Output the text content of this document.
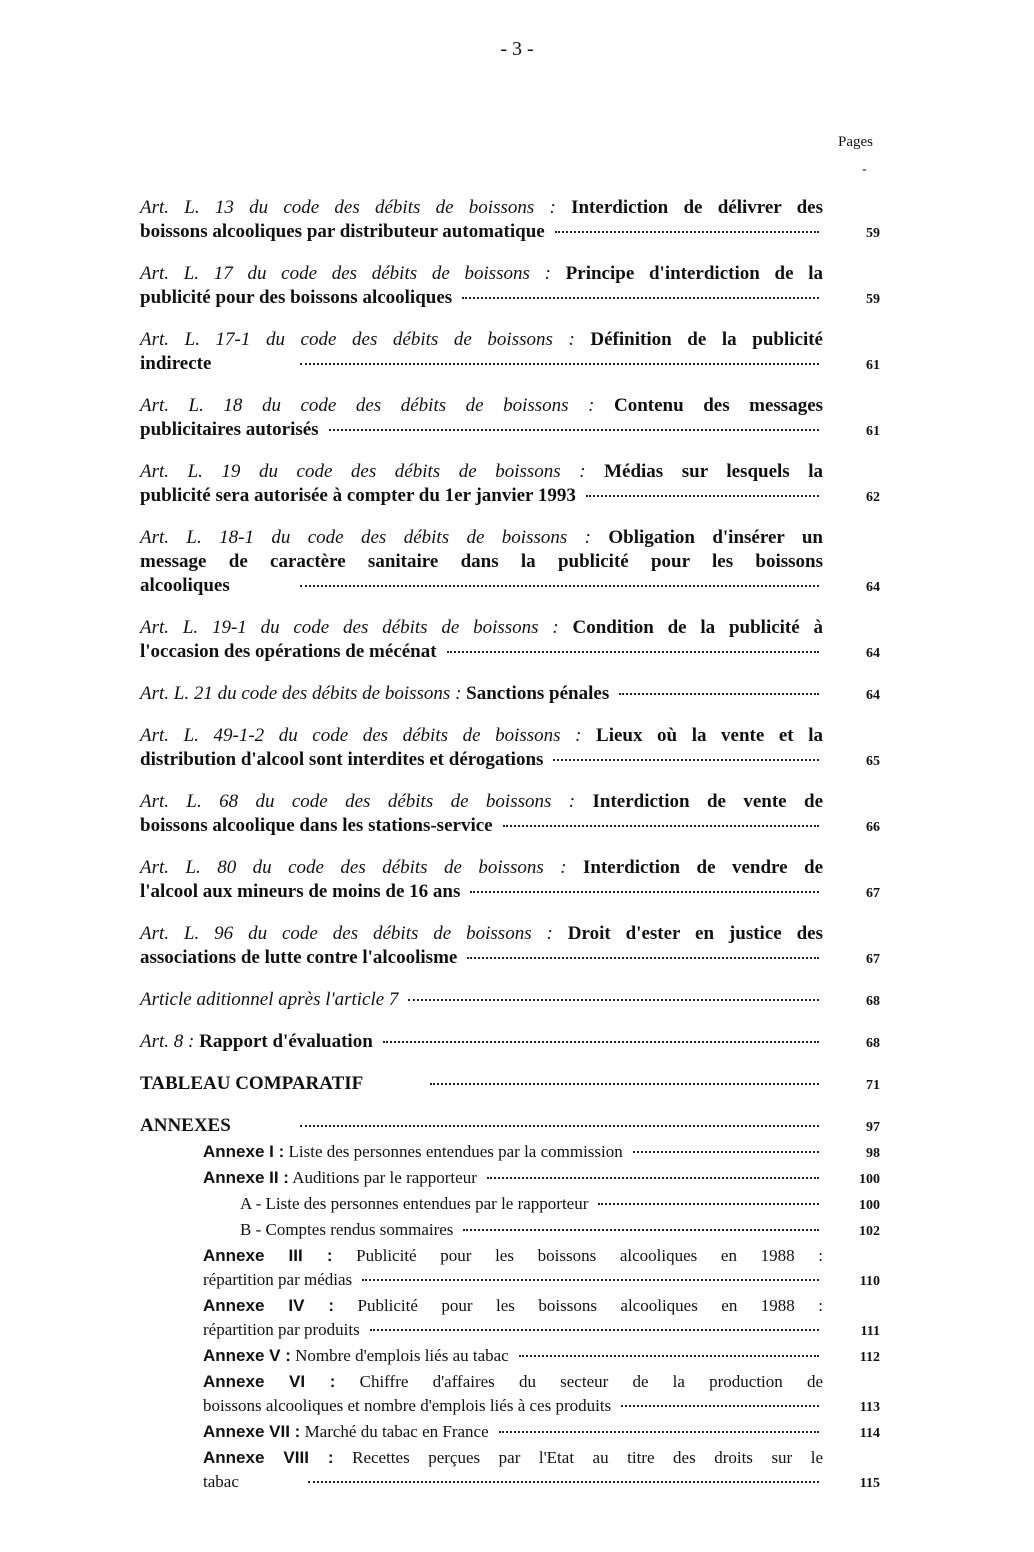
- 3 -
Pages
-
Art. L. 13 du code des débits de boissons : Interdiction de délivrer des
boissons alcooliques par distributeur automatique	59
Art. L. 17 du code des débits de boissons : Principe d'interdiction de la
publicité pour des boissons alcooliques	59
Art. L. 17-1 du code des débits de boissons : Définition de la publicité
indirecte	61
Art. L. 18 du code des débits de boissons : Contenu des messages
publicitaires autorisés	61
Art. L. 19 du code des débits de boissons : Médias sur lesquels la
publicité sera autorisée à compter du 1er janvier 1993	62
Art. L. 18-1 du code des débits de boissons : Obligation d'insérer un
message de caractère sanitaire dans la publicité pour les boissons
alcooliques	64
Art. L. 19-1 du code des débits de boissons : Condition de la publicité à
l'occasion des opérations de mécénat	64
Art. L. 21 du code des débits de boissons : Sanctions pénales	64
Art. L. 49-1-2 du code des débits de boissons : Lieux où la vente et la
distribution d'alcool sont interdites et dérogations	65
Art. L. 68 du code des débits de boissons : Interdiction de vente de
boissons alcoolique dans les stations-service	66
Art. L. 80 du code des débits de boissons : Interdiction de vendre de
l'alcool aux mineurs de moins de 16 ans	67
Art. L. 96 du code des débits de boissons : Droit d'ester en justice des
associations de lutte contre l'alcoolisme	67
Article aditionnel après l'article 7	68
Art. 8 : Rapport d'évaluation	68
TABLEAU COMPARATIF	71
ANNEXES	97
Annexe I : Liste des personnes entendues par la commission	98
Annexe II : Auditions par le rapporteur	100
A - Liste des personnes entendues par le rapporteur	100
B - Comptes rendus sommaires	102
Annexe III : Publicité pour les boissons alcooliques en 1988 :
répartition par médias	110
Annexe IV : Publicité pour les boissons alcooliques en 1988 :
répartition par produits	111
Annexe V : Nombre d'emplois liés au tabac	112
Annexe VI : Chiffre d'affaires du secteur de la production de
boissons alcooliques et nombre d'emplois liés à ces produits	113
Annexe VII : Marché du tabac en France	114
Annexe VIII : Recettes perçues par l'Etat au titre des droits sur le
tabac	115
